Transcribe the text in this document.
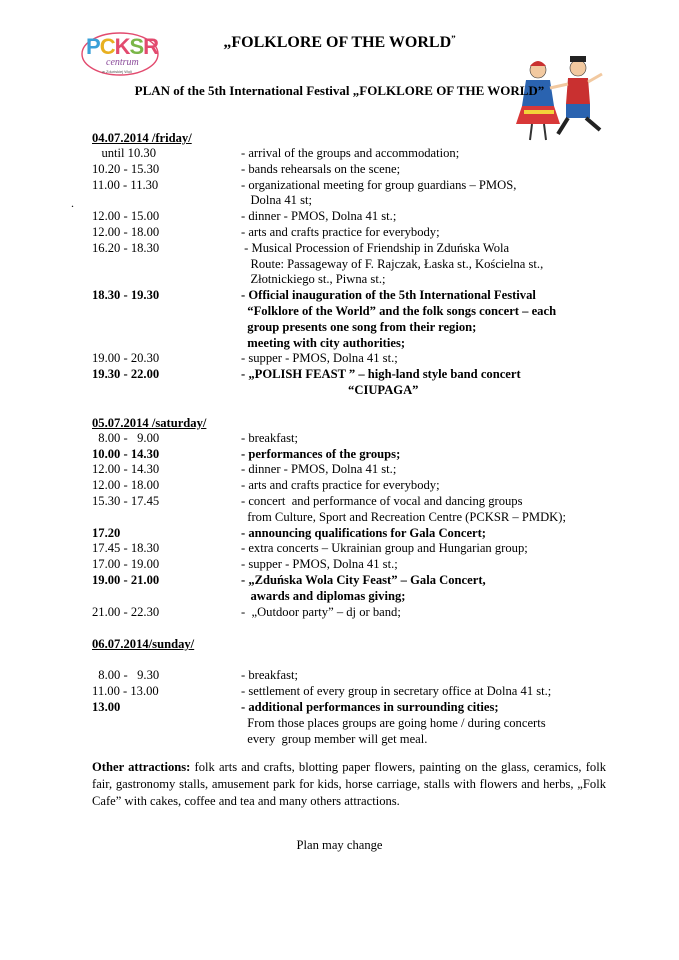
PCKSR
centrum
w Zduńskiej Woli
„FOLKLORE OF THE WORLD”
PLAN of the 5th International Festival „FOLKLORE OF THE WORLD”
.
04.07.2014 /friday/
until 10.30	- arrival of the groups and accommodation;
10.20 - 15.30	- bands rehearsals on the scene;
11.00 - 11.30	- organizational meeting for group guardians – PMOS,
Dolna 41 st;
12.00 - 15.00	- dinner - PMOS, Dolna 41 st.;
12.00 - 18.00	- arts and crafts practice for everybody;
16.20 - 18.30	- Musical Procession of Friendship in Zduńska Wola
Route: Passageway of F. Rajczak, Łaska st., Kościelna st.,
Złotnickiego st., Piwna st.;
18.30 - 19.30	- Official inauguration of the 5th International Festival
“Folklore of the World” and the folk songs concert – each
group presents one song from their region;
meeting with city authorities;
19.00 - 20.30	- supper - PMOS, Dolna 41 st.;
19.30 - 22.00	- „POLISH FEAST ” – high-land style band concert
“CIUPAGA”
05.07.2014 /saturday/
8.00 -   9.00	- breakfast;
10.00 - 14.30	- performances of the groups;
12.00 - 14.30	- dinner - PMOS, Dolna 41 st.;
12.00 - 18.00	- arts and crafts practice for everybody;
15.30 - 17.45	- concert  and performance of vocal and dancing groups
from Culture, Sport and Recreation Centre (PCKSR – PMDK);
17.20	- announcing qualifications for Gala Concert;
17.45 - 18.30	- extra concerts – Ukrainian group and Hungarian group;
17.00 - 19.00	- supper - PMOS, Dolna 41 st.;
19.00 - 21.00	- „Zduńska Wola City Feast” – Gala Concert,
awards and diplomas giving;
21.00 - 22.30	-  „Outdoor party” – dj or band;
06.07.2014/sunday/
8.00 -   9.30	- breakfast;
11.00 - 13.00	- settlement of every group in secretary office at Dolna 41 st.;
13.00	- additional performances in surrounding cities;
From those places groups are going home / during concerts
every  group member will get meal.
Other attractions: folk arts and crafts, blotting paper flowers, painting on the glass, ceramics, folk fair, gastronomy stalls, amusement park for kids, horse carriage, stalls with flowers and herbs, „Folk Cafe” with cakes, coffee and tea and many others attractions.
Plan may change
